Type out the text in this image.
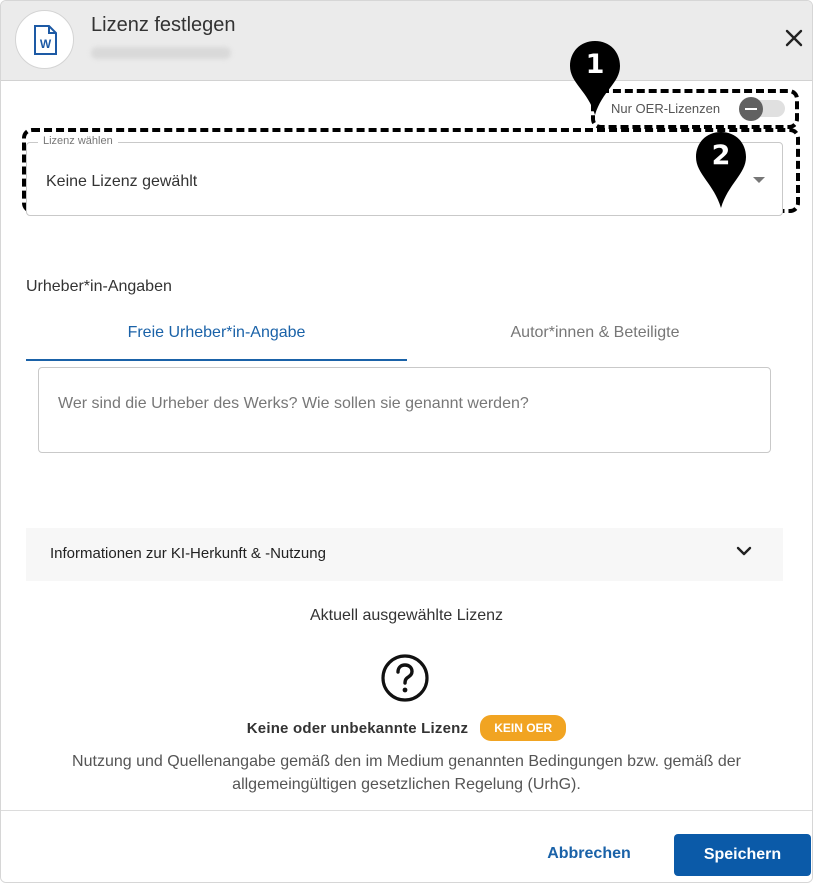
W
Lizenz festlegen
Nur OER-Lizenzen
Keine Lizenz gewählt
Lizenz wählen
1
2
Urheber*in-Angaben
Freie Urheber*in-Angabe	Autor*innen & Beteiligte
Wer sind die Urheber des Werks? Wie sollen sie genannt werden?
Informationen zur KI-Herkunft & -Nutzung
Aktuell ausgewählte Lizenz
Keine oder unbekannte Lizenz KEIN OER
Nutzung und Quellenangabe gemäß den im Medium genannten Bedingungen bzw. gemäß der allgemeingültigen gesetzlichen Regelung (UrhG).
Abbrechen	Speichern
